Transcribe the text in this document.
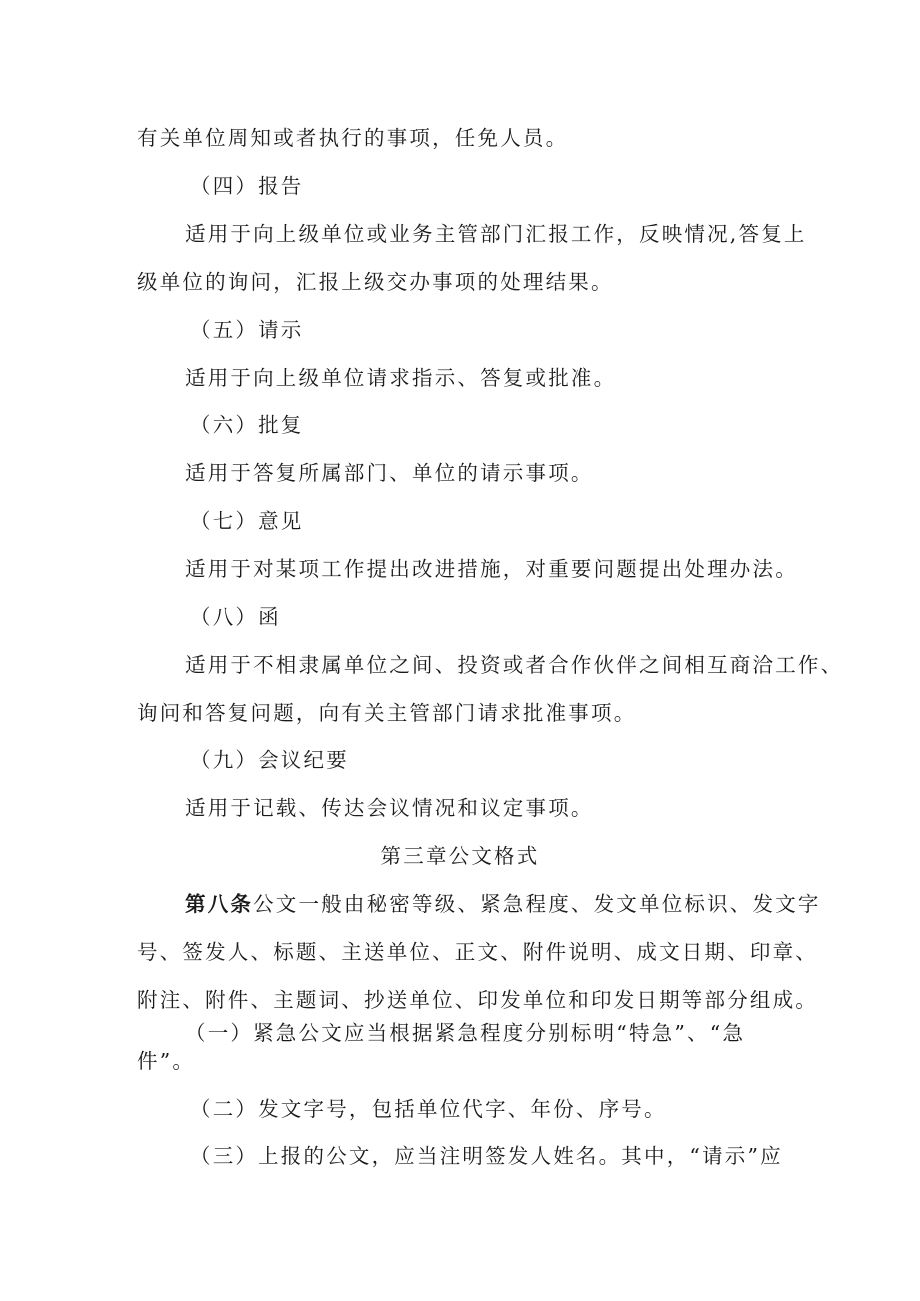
有关单位周知或者执行的事项，任免人员。

（四）报告

适用于向上级单位或业务主管部门汇报工作，反映情况,答复上

级单位的询问，汇报上级交办事项的处理结果。

（五）请示

适用于向上级单位请求指示、答复或批准。

（六）批复

适用于答复所属部门、单位的请示事项。

（七）意见

适用于对某项工作提出改进措施，对重要问题提出处理办法。

（八）函

适用于不相隶属单位之间、投资或者合作伙伴之间相互商洽工作、

询问和答复问题，向有关主管部门请求批准事项。

（九）会议纪要

适用于记载、传达会议情况和议定事项。

第三章公文格式

第八条公文一般由秘密等级、紧急程度、发文单位标识、发文字

号、签发人、标题、主送单位、正文、附件说明、成文日期、印章、

附注、附件、主题词、抄送单位、印发单位和印发日期等部分组成。

（一）紧急公文应当根据紧急程度分别标明“特急”、“急

件”。

（二）发文字号，包括单位代字、年份、序号。

（三）上报的公文，应当注明签发人姓名。其中，“请示”应
